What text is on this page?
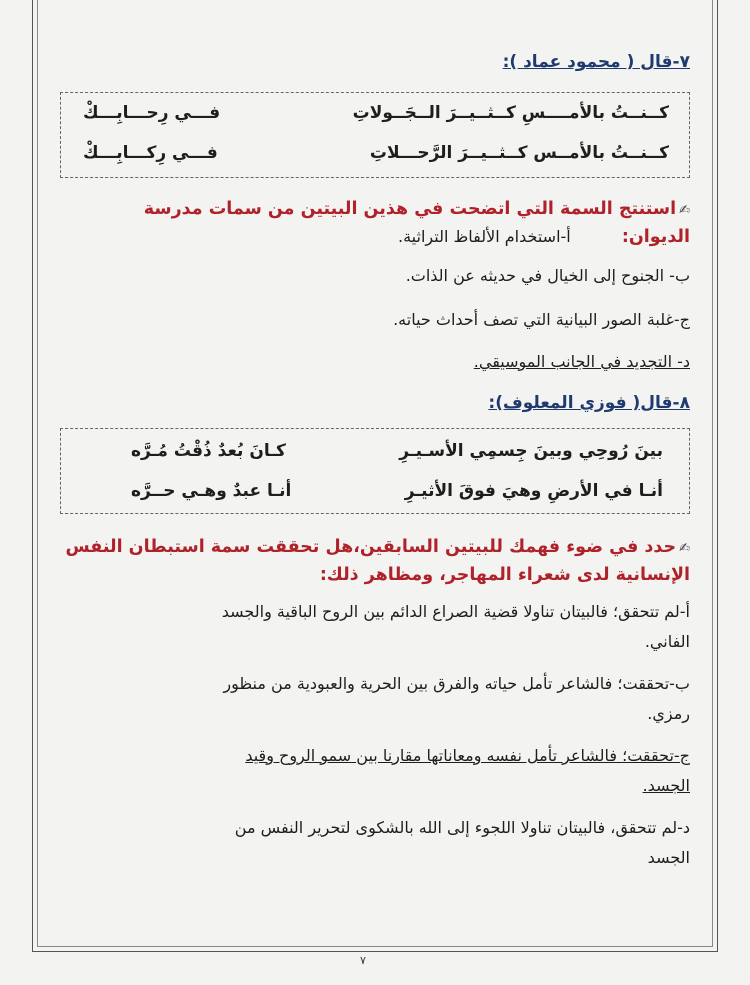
٧-قال ( محمود عماد ):
كــنــتُ بالأمــــسِ كــثــيــرَ الــجَــولاتِ
فـــي رِحـــابِـــكْ
كــنــتُ بالأمــس كــثــيــرَ الرَّحـــلاتِ
فـــي رِكـــابِـــكْ
✍استنتج السمة التي اتضحت في هذين البيتين من سمات مدرسة
الديوان: أ-استخدام الألفاظ التراثية.
ب- الجنوح إلى الخيال في حديثه عن الذات.
ج-غلبة الصور البيانية التي تصف أحداث حياته.
د- التجديد في الجانب الموسيقي.
٨-قال( فوزي المعلوف):
بينَ رُوحِي وبينَ جِسمِي الأسـيـرِ
كـانَ بُعدٌ ذُقْتُ مُـرَّه
أنـا في الأرضِ وهيَ فوقَ الأثيـرِ
أنـا عبدٌ وهـي حــرَّه
✍حدد في ضوء فهمك للبيتين السابقين،هل تحققت سمة استبطان النفس
الإنسانية لدى شعراء المهاجر، ومظاهر ذلك:
أ-لم تتحقق؛ فالبيتان تناولا قضية الصراع الدائم بين الروح الباقية والجسد
الفاني.
ب-تحققت؛ فالشاعر تأمل حياته والفرق بين الحرية والعبودية من منظور
رمزي.
ج-تحققت؛ فالشاعر تأمل نفسه ومعاناتها مقارنا بين سمو الروح وقيد
الجسد.
د-لم تتحقق، فالبيتان تناولا اللجوء إلى الله بالشكوى لتحرير النفس من
الجسد
٧
